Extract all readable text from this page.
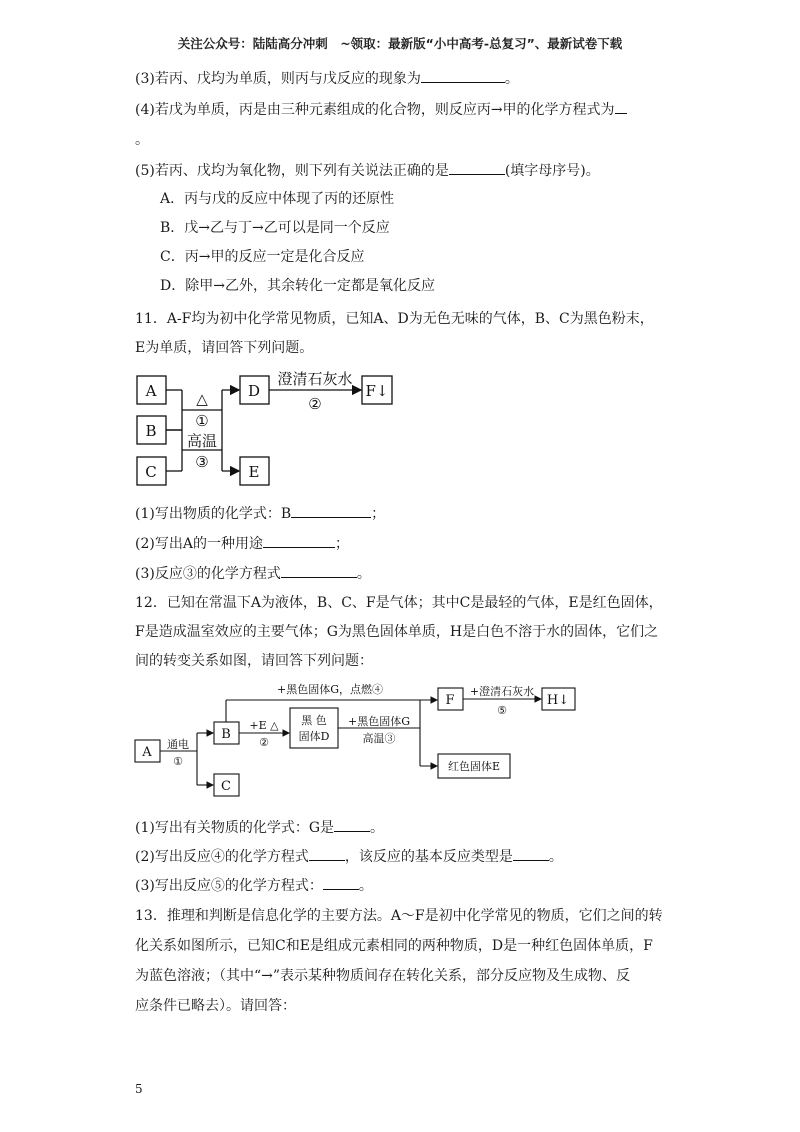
关注公众号：陆陆高分冲刺　~领取：最新版“小中高考-总复习”、最新试卷下载
(3)若丙、戊均为单质，则丙与戊反应的现象为	。
(4)若戊为单质，丙是由三种元素组成的化合物，则反应丙→甲的化学方程式为
。
(5)若丙、戊均为氧化物，则下列有关说法正确的是	(填字母序号)。
A．丙与戊的反应中体现了丙的还原性
B．戊→乙与丁→乙可以是同一个反应
C．丙→甲的反应一定是化合反应
D．除甲→乙外，其余转化一定都是氧化反应
11．A-F均为初中化学常见物质，已知A、D为无色无味的气体，B、C为黑色粉末，
E为单质，请回答下列问题。
A
B
C
D
E
F↓
△
①
高温
③
澄清石灰水
②
(1)写出物质的化学式：B	；
(2)写出A的一种用途	；
(3)反应③的化学方程式	。
12．已知在常温下A为液体，B、C、F是气体；其中C是最轻的气体，E是红色固体，
F是造成温室效应的主要气体；G为黑色固体单质，H是白色不溶于水的固体，它们之
间的转变关系如图，请回答下列问题：
A
B
C
黑 色
固体D
F	H↓
红色固体E
+黑色固体G，点燃④
通电
①
+E △
②
+黑色固体G
高温③
+澄清石灰水
⑤
(1)写出有关物质的化学式：G是	。
(2)写出反应④的化学方程式	，该反应的基本反应类型是	。
(3)写出反应⑤的化学方程式：	。
13．推理和判断是信息化学的主要方法。A～F是初中化学常见的物质，它们之间的转
化关系如图所示，已知C和E是组成元素相同的两种物质，D是一种红色固体单质，F
为蓝色溶液；（其中“→”表示某种物质间存在转化关系，部分反应物及生成物、反
应条件已略去）。请回答：
5
